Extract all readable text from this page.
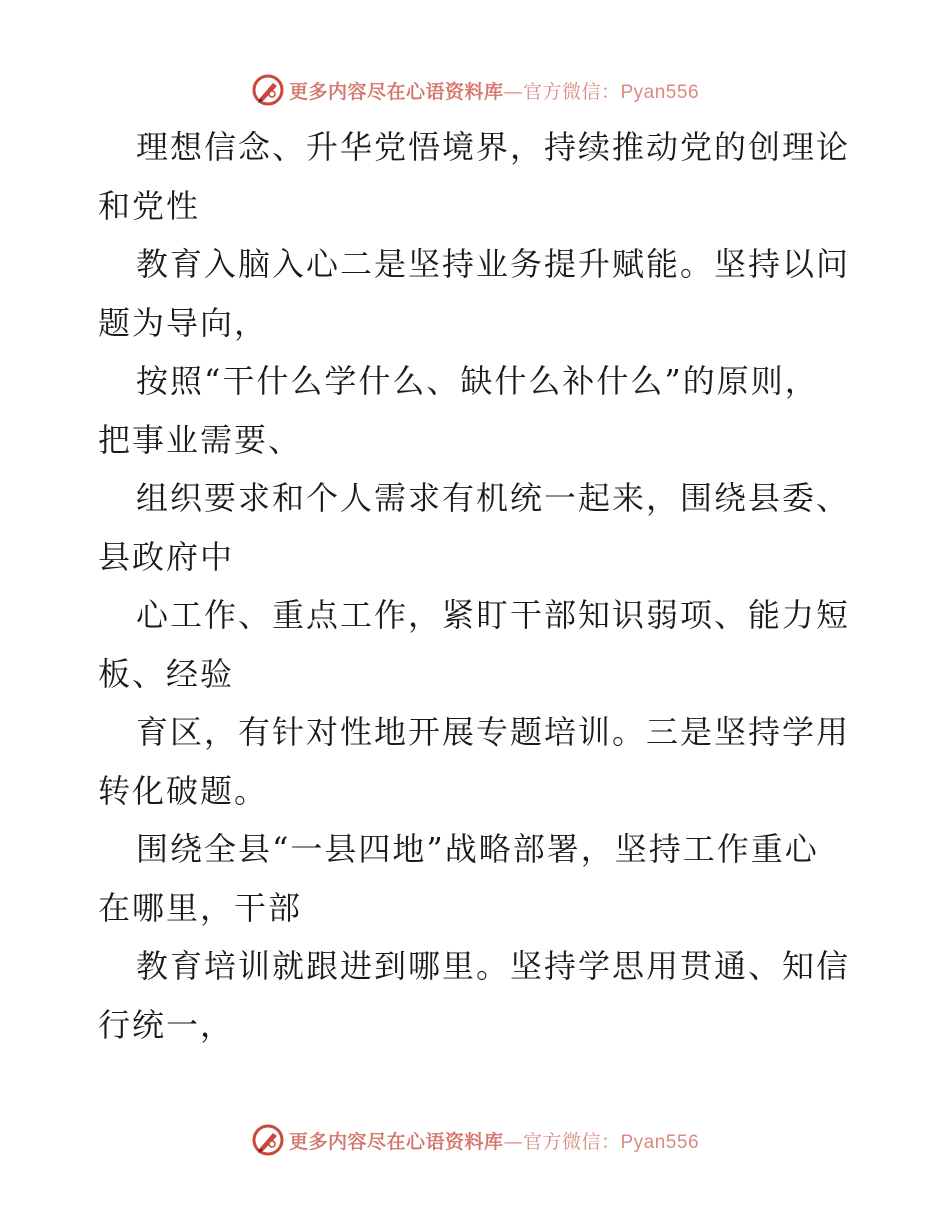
更多内容尽在心语资料库—官方微信：Pyan556
理想信念、升华党悟境界，持续推动党的创理论
和党性
教育入脑入心二是坚持业务提升赋能。坚持以问
题为导向，
按照“干什么学什么、缺什么补什么”的原则，
把事业需要、
组织要求和个人需求有机统一起来，围绕县委、
县政府中
心工作、重点工作，紧盯干部知识弱项、能力短
板、经验
育区，有针对性地开展专题培训。三是坚持学用
转化破题。
围绕全县“一县四地”战略部署，坚持工作重心
在哪里，干部
教育培训就跟进到哪里。坚持学思用贯通、知信
行统一，
更多内容尽在心语资料库—官方微信：Pyan556
